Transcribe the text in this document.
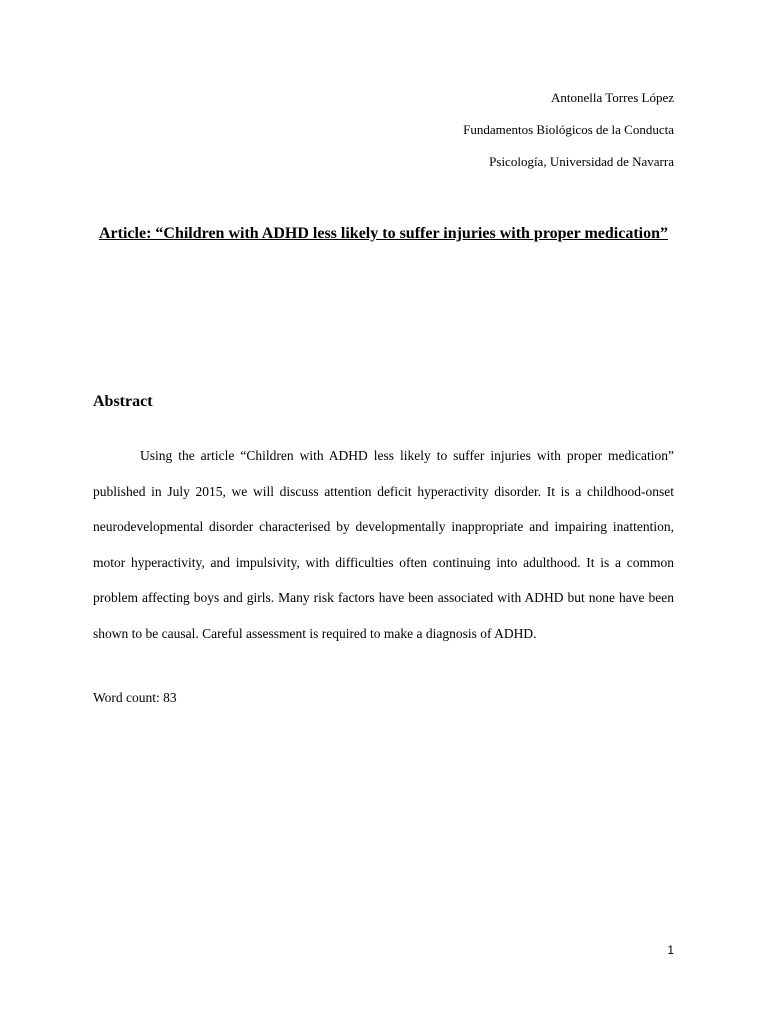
Antonella Torres López
Fundamentos Biológicos de la Conducta
Psicología, Universidad de Navarra
Article: “Children with ADHD less likely to suffer injuries with proper medication”
Abstract

Using the article “Children with ADHD less likely to suffer injuries with proper medication” published in July 2015, we will discuss attention deficit hyperactivity disorder. It is a childhood-onset neurodevelopmental disorder characterised by developmentally inappropriate and impairing inattention, motor hyperactivity, and impulsivity, with difficulties often continuing into adulthood. It is a common problem affecting boys and girls. Many risk factors have been associated with ADHD but none have been shown to be causal. Careful assessment is required to make a diagnosis of ADHD.

Word count: 83
1
